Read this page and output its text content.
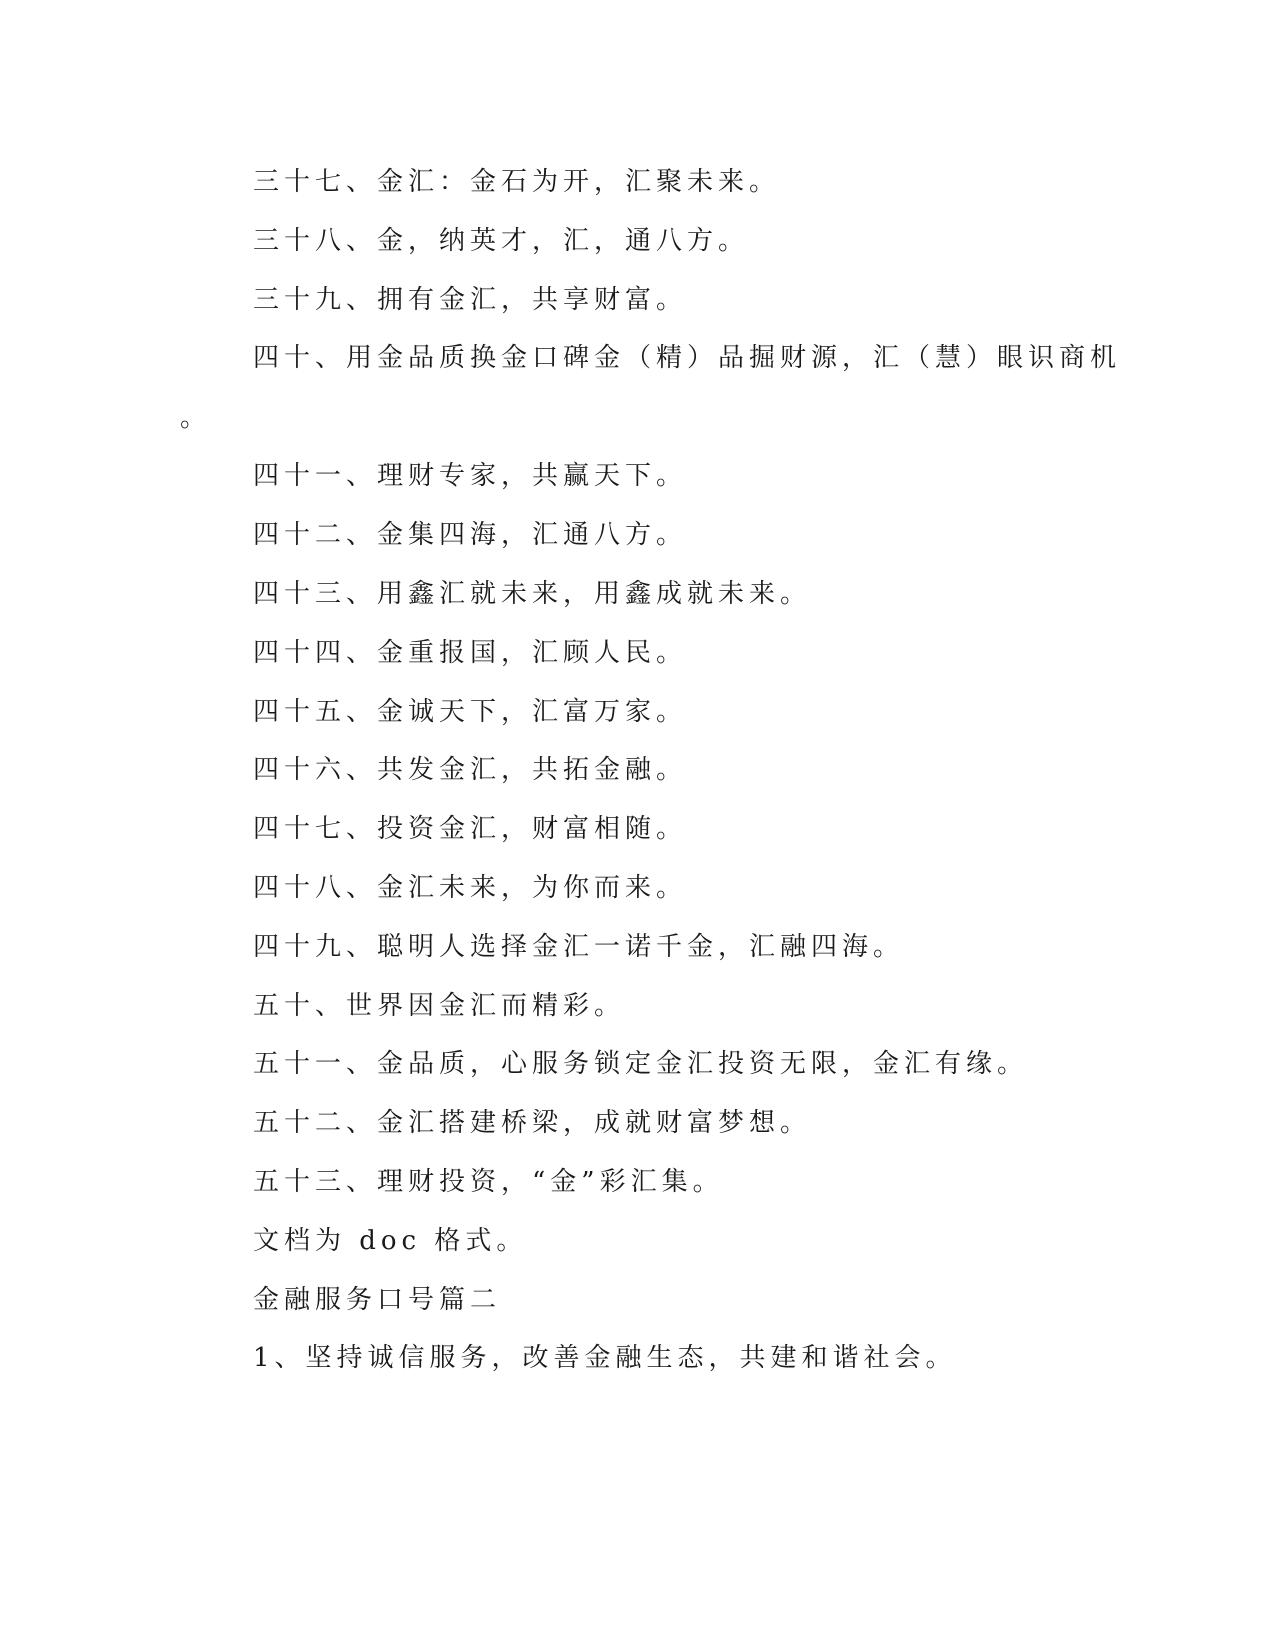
三十七、金汇：金石为开，汇聚未来。

三十八、金，纳英才，汇，通八方。

三十九、拥有金汇，共享财富。

四十、用金品质换金口碑金（精）品掘财源，汇（慧）眼识商机

。

四十一、理财专家，共赢天下。

四十二、金集四海，汇通八方。

四十三、用鑫汇就未来，用鑫成就未来。

四十四、金重报国，汇顾人民。

四十五、金诚天下，汇富万家。

四十六、共发金汇，共拓金融。

四十七、投资金汇，财富相随。

四十八、金汇未来，为你而来。

四十九、聪明人选择金汇一诺千金，汇融四海。

五十、世界因金汇而精彩。

五十一、金品质，心服务锁定金汇投资无限，金汇有缘。

五十二、金汇搭建桥梁，成就财富梦想。

五十三、理财投资，“金”彩汇集。

文档为 doc 格式。

金融服务口号篇二

1、坚持诚信服务，改善金融生态，共建和谐社会。
